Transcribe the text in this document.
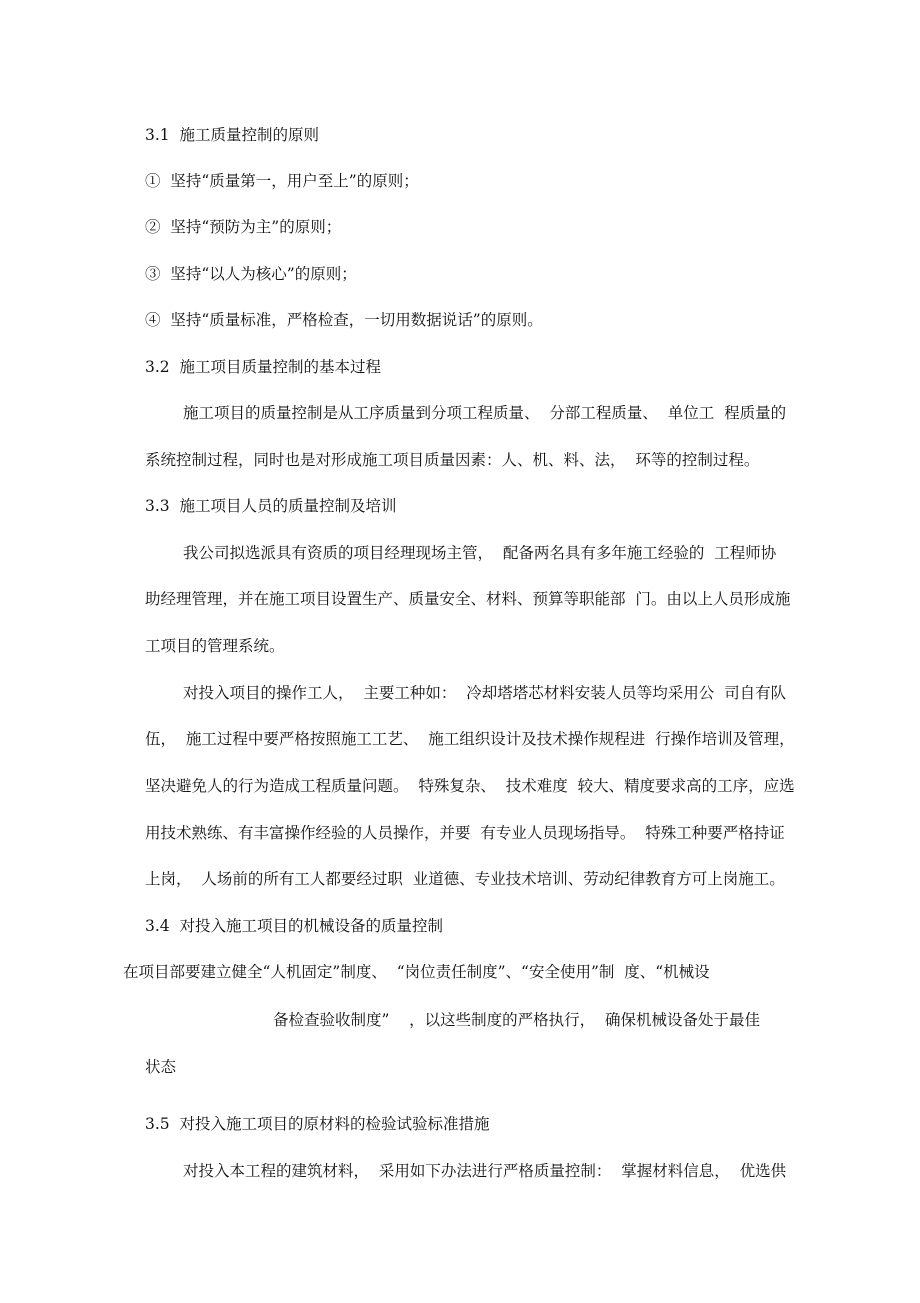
3.1  施工质量控制的原则
①  坚持“质量第一，用户至上”的原则；
②  坚持“预防为主”的原则；
③  坚持“以人为核心”的原则；
④  坚持“质量标准，严格检查，一切用数据说话”的原则。
3.2  施工项目质量控制的基本过程
施工项目的质量控制是从工序质量到分项工程质量、  分部工程质量、  单位工  程质量的
系统控制过程，同时也是对形成施工项目质量因素：人、机、料、法，  环等的控制过程。
3.3  施工项目人员的质量控制及培训
我公司拟选派具有资质的项目经理现场主管，  配备两名具有多年施工经验的  工程师协
助经理管理，并在施工项目设置生产、质量安全、材料、预算等职能部  门。由以上人员形成施
工项目的管理系统。
对投入项目的操作工人，  主要工种如：  冷却塔塔芯材料安装人员等均采用公  司自有队
伍，  施工过程中要严格按照施工工艺、  施工组织设计及技术操作规程进  行操作培训及管理，
坚决避免人的行为造成工程质量问题。  特殊复杂、  技术难度  较大、精度要求高的工序，应选
用技术熟练、有丰富操作经验的人员操作，并要  有专业人员现场指导。  特殊工种要严格持证
上岗，  人场前的所有工人都要经过职  业道德、专业技术培训、劳动纪律教育方可上岗施工。
3.4  对投入施工项目的机械设备的质量控制
在项目部要建立健全“人机固定”制度、  “岗位责任制度”、“安全使用”制  度、“机械设
备检查验收制度”    ，以这些制度的严格执行，  确保机械设备处于最佳
状态
3.5  对投入施工项目的原材料的检验试验标准措施
对投入本工程的建筑材料，  采用如下办法进行严格质量控制：  掌握材料信息，  优选供
